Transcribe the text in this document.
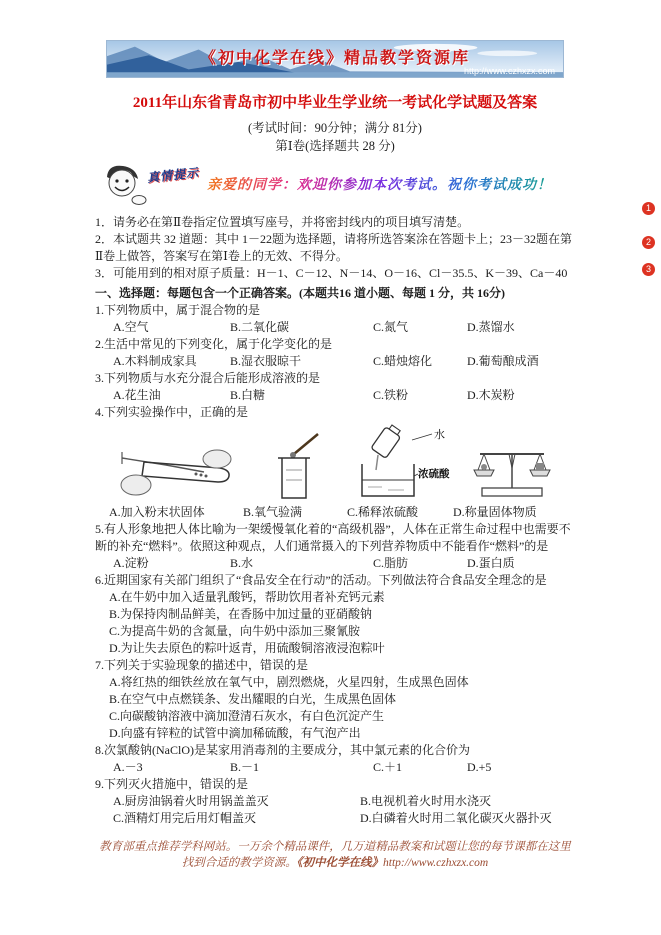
《初中化学在线》精品教学资源库
http://www.czhxzx.com
2011年山东省青岛市初中毕业生学业统一考试化学试题及答案
(考试时间：90分钟；满分 81分)
第Ⅰ卷(选择题共 28 分)
真情提示
亲爱的同学：欢迎你参加本次考试。祝你考试成功！

1．请务必在第Ⅱ卷指定位置填写座号，并将密封线内的项目填写清楚。

2．本试题共 32 道题：其中 1－22题为选择题，请将所选答案涂在答题卡上；23－32题在第Ⅱ卷上做答，答案写在第Ⅰ卷上的无效、不得分。

3．可能用到的相对原子质量：H－1、C－12、N－14、O－16、Cl－35.5、K－39、Ca－40

一、选择题：每题包含一个正确答案。(本题共16 道小题、每题 1 分，共 16分)

1.下列物质中，属于混合物的是

A.空气	B.二氧化碳	C.氮气	D.蒸馏水

2.生活中常见的下列变化，属于化学变化的是

A.木料制成家具	B.湿衣服晾干	C.蜡烛熔化	D.葡萄酿成酒

3.下列物质与水充分混合后能形成溶液的是

A.花生油	B.白糖	C.铁粉	D.木炭粉

4.下列实验操作中，正确的是

A.加入粉末状固体	B.氧气验满
水
浓硫酸
C.稀释浓硫酸	D.称量固体物质

5.有人形象地把人体比喻为一架缓慢氧化着的“高级机器”，人体在正常生命过程中也需要不断的补充“燃料”。依照这种观点，人们通常摄入的下列营养物质中不能看作“燃料”的是

A.淀粉	B.水	C.脂肪	D.蛋白质

6.近期国家有关部门组织了“食品安全在行动”的活动。下列做法符合食品安全理念的是

A.在牛奶中加入适量乳酸钙，帮助饮用者补充钙元素
B.为保持肉制品鲜美，在香肠中加过量的亚硝酸钠
C.为提高牛奶的含氮量，向牛奶中添加三聚氰胺
D.为让失去原色的粽叶返青，用硫酸铜溶液浸泡粽叶

7.下列关于实验现象的描述中，错误的是

A.将红热的细铁丝放在氧气中，剧烈燃烧，火星四射，生成黑色固体
B.在空气中点燃镁条、发出耀眼的白光，生成黑色固体
C.向碳酸钠溶液中滴加澄清石灰水，有白色沉淀产生
D.向盛有锌粒的试管中滴加稀硫酸，有气泡产出

8.次氯酸钠(NaClO)是某家用消毒剂的主要成分，其中氯元素的化合价为

A.－3	B.－1	C.＋1	D.+5

9.下列灭火措施中，错误的是

A.厨房油锅着火时用锅盖盖灭	B.电视机着火时用水浇灭
C.酒精灯用完后用灯帽盖灭	D.白磷着火时用二氧化碳灭火器扑灭
教育部重点推荐学科网站。一万余个精品课件，几万道精品教案和试题让您的每节课都在这里找到合适的教学资源。《初中化学在线》http://www.czhxzx.com
1
2
3
